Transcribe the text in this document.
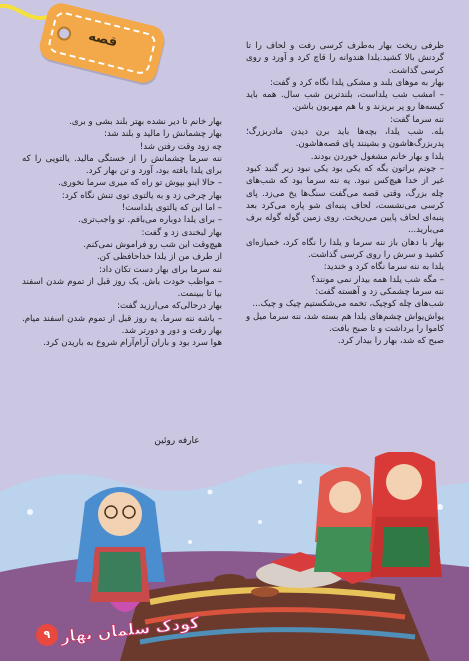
قصه	ظرفی ریخت بهار به‌طرف کرسی رفت و لحاف را تا گردنش بالا کشید.یلدا هندوانه را قاچ کرد و آورد و روی کرسی گذاشت.
بهار به موهای بلند و مشکی یلدا نگاه کرد و گفت:
– امشب شب یلداست، بلندترین شب سال. همه باید کیسه‌ها رو پر بریزند و با هم مهربون باشن.
ننه سرما گفت:
بله. شب یلدا، بچه‌ها باید برن دیدن مادربزرگ؛ پدربزرگ‌هاشون و بشینند پای قصه‌هاشون.
یلدا و بهار خانم مشغول خوردن بودند.
– جونم براتون بگه که یکی بود یکی نبود زیر گنبد کبود غیر از خدا هیچ‌کس نبود. یه ننه سرما بود که شب‌های چله بزرگ، وقتی قصه می‌گفت سنگ‌ها یخ می‌زد. پای کرسی می‌نشست، لحاف پنبه‌ای شو پاره می‌کرد بعد پنبه‌ای لحاف پایین می‌ریخت. روی زمین گوله گوله برف می‌بارید...
بهار با دهان باز ننه سرما و یلدا را نگاه کرد، خمیازه‌ای کشید و سرش را روی کرسی گذاشت.
یلدا به ننه سرما نگاه کرد و خندید:
– مگه شب یلدا همه بیدار نمی مونند؟
ننه سرما چشمکی زد و آهسته گفت:
شب‌های چله کوچیک، تخمه می‌شکستیم چیک و چیک...
یواش‌یواش چشم‌های یلدا هم بسته شد، ننه سرما میل و کاموا را برداشت و تا صبح بافت.
صبح که شد، بهار را بیدار کرد.
بهار خانم تا دیر نشده بهتر بلند بشی و بری.
بهار چشمانش را مالید و بلند شد:
چه زود وقت رفتن شد!
ننه سرما چشمانش را از خستگی مالید. یالتویی را که برای یلدا بافته بود، آورد و تن بهار کرد.
– حالا اینو بپوش تو راه که میری سرما نخوری.
بهار چرخی زد و به یالتوی توی تنش نگاه کرد:
– اما این که یالتوی یلداست!
– برای یلدا دوباره می‌بافم. تو واجب‌تری.
بهار لبخندی زد و گفت:
هیچ‌وقت این شب رو فراموش نمی‌کنم.
از طرف من از یلدا خداحافظی کن.
ننه سرما برای بهار دست تکان داد:
– مواظب خودت باش. یک روز قبل از تموم شدن اسفند بیا تا ببینمت.
بهار درحالی‌که می‌ارزید گفت:
– باشه ننه سرما. یه روز قبل از تموم شدن اسفند میام. بهار رفت و دور و دورتر شد.
هوا سرد بود و باران آرام‌آرام شروع به باریدن کرد.
عارفه روئین
۹ کودک سلمان بهار
